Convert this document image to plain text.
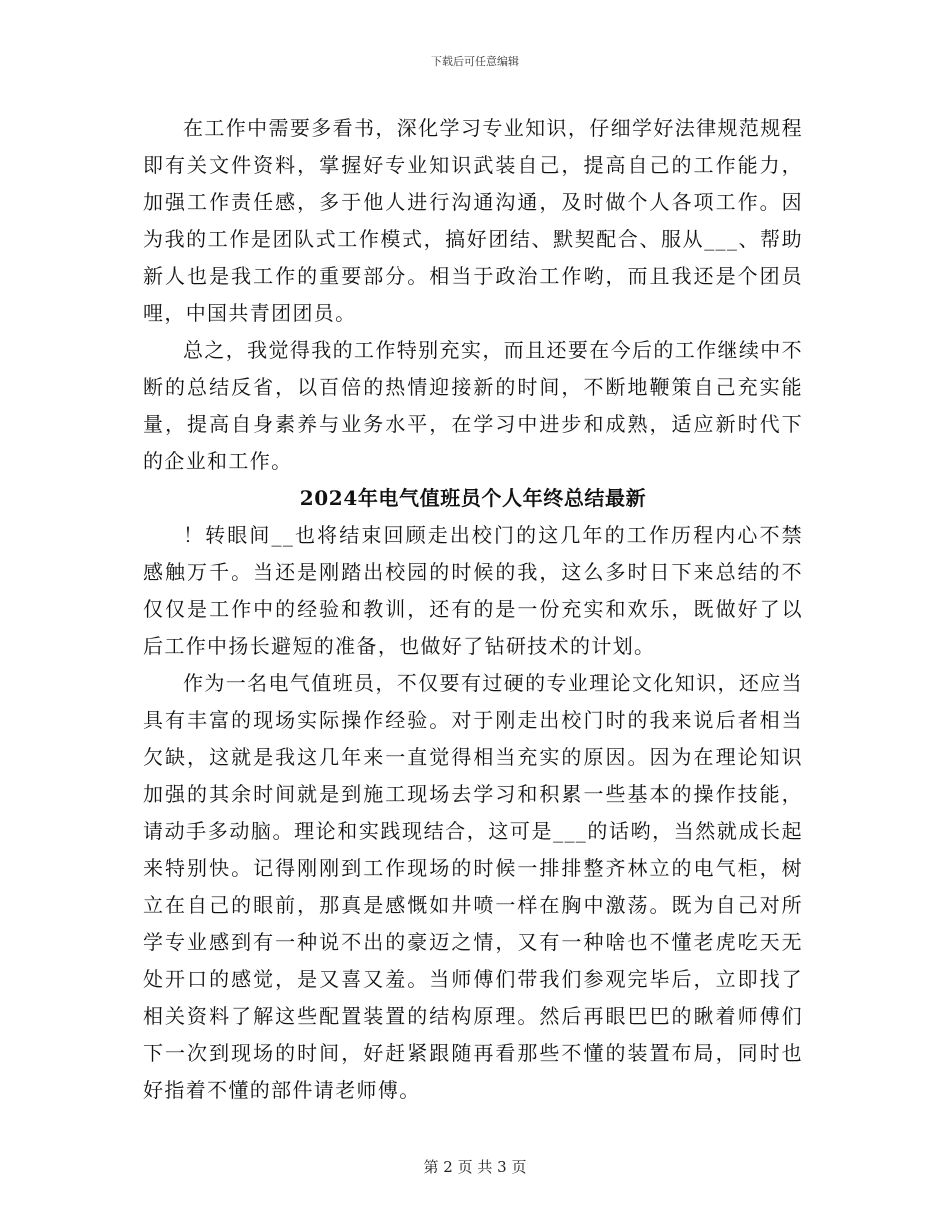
下载后可任意编辑

在工作中需要多看书，深化学习专业知识，仔细学好法律规范规程即有关文件资料，掌握好专业知识武装自己，提高自己的工作能力，加强工作责任感，多于他人进行沟通沟通，及时做个人各项工作。因为我的工作是团队式工作模式，搞好团结、默契配合、服从___、帮助新人也是我工作的重要部分。相当于政治工作哟，而且我还是个团员哩，中国共青团团员。

总之，我觉得我的工作特别充实，而且还要在今后的工作继续中不断的总结反省，以百倍的热情迎接新的时间，不断地鞭策自己充实能量，提高自身素养与业务水平，在学习中进步和成熟，适应新时代下的企业和工作。

2024年电气值班员个人年终总结最新

！转眼间__也将结束回顾走出校门的这几年的工作历程内心不禁感触万千。当还是刚踏出校园的时候的我，这么多时日下来总结的不仅仅是工作中的经验和教训，还有的是一份充实和欢乐，既做好了以后工作中扬长避短的准备，也做好了钻研技术的计划。

作为一名电气值班员，不仅要有过硬的专业理论文化知识，还应当具有丰富的现场实际操作经验。对于刚走出校门时的我来说后者相当欠缺，这就是我这几年来一直觉得相当充实的原因。因为在理论知识加强的其余时间就是到施工现场去学习和积累一些基本的操作技能，请动手多动脑。理论和实践现结合，这可是___的话哟，当然就成长起来特别快。记得刚刚到工作现场的时候一排排整齐林立的电气柜，树立在自己的眼前，那真是感慨如井喷一样在胸中激荡。既为自己对所学专业感到有一种说不出的豪迈之情，又有一种啥也不懂老虎吃天无处开口的感觉，是又喜又羞。当师傅们带我们参观完毕后，立即找了相关资料了解这些配置装置的结构原理。然后再眼巴巴的瞅着师傅们下一次到现场的时间，好赶紧跟随再看那些不懂的装置布局，同时也好指着不懂的部件请老师傅。

第 2 页 共 3 页
